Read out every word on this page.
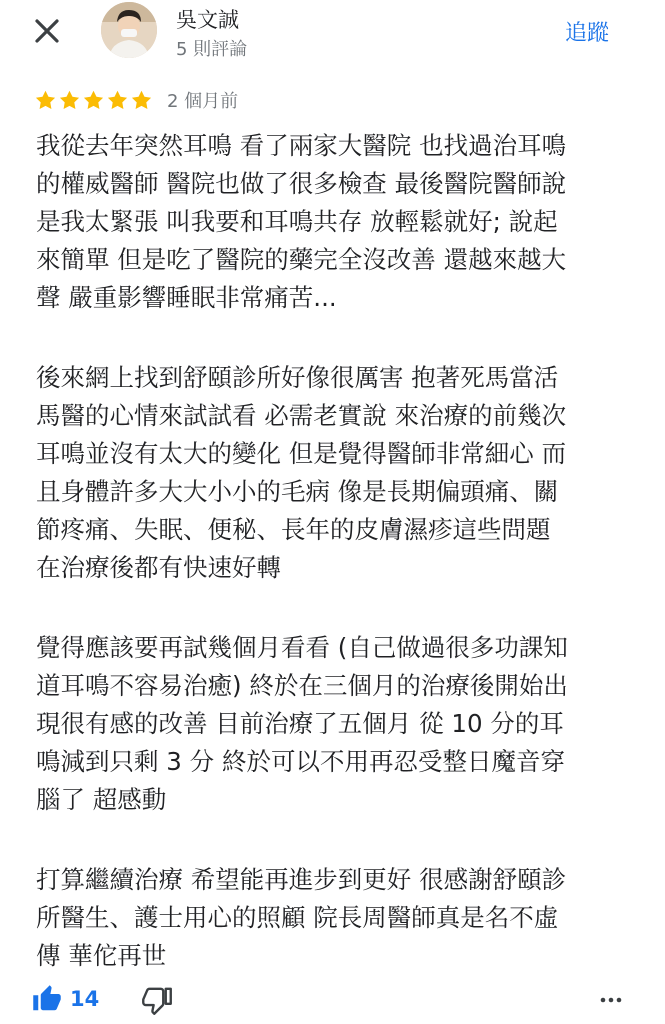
吳文誠
5 則評論
追蹤
2 個月前

我從去年突然耳鳴 看了兩家大醫院 也找過治耳鳴
的權威醫師 醫院也做了很多檢查 最後醫院醫師說
是我太緊張 叫我要和耳鳴共存 放輕鬆就好; 說起
來簡單 但是吃了醫院的藥完全沒改善 還越來越大
聲 嚴重影響睡眠非常痛苦...

後來網上找到舒頤診所好像很厲害 抱著死馬當活
馬醫的心情來試試看 必需老實說 來治療的前幾次
耳鳴並沒有太大的變化 但是覺得醫師非常細心 而
且身體許多大大小小的毛病 像是長期偏頭痛、關
節疼痛、失眠、便秘、長年的皮膚濕疹這些問題
在治療後都有快速好轉

覺得應該要再試幾個月看看 (自己做過很多功課知
道耳鳴不容易治癒) 終於在三個月的治療後開始出
現很有感的改善 目前治療了五個月 從 10 分的耳
鳴減到只剩 3 分 終於可以不用再忍受整日魔音穿
腦了 超感動

打算繼續治療 希望能再進步到更好 很感謝舒頤診
所醫生、護士用心的照顧 院長周醫師真是名不虛
傳 華佗再世

14
